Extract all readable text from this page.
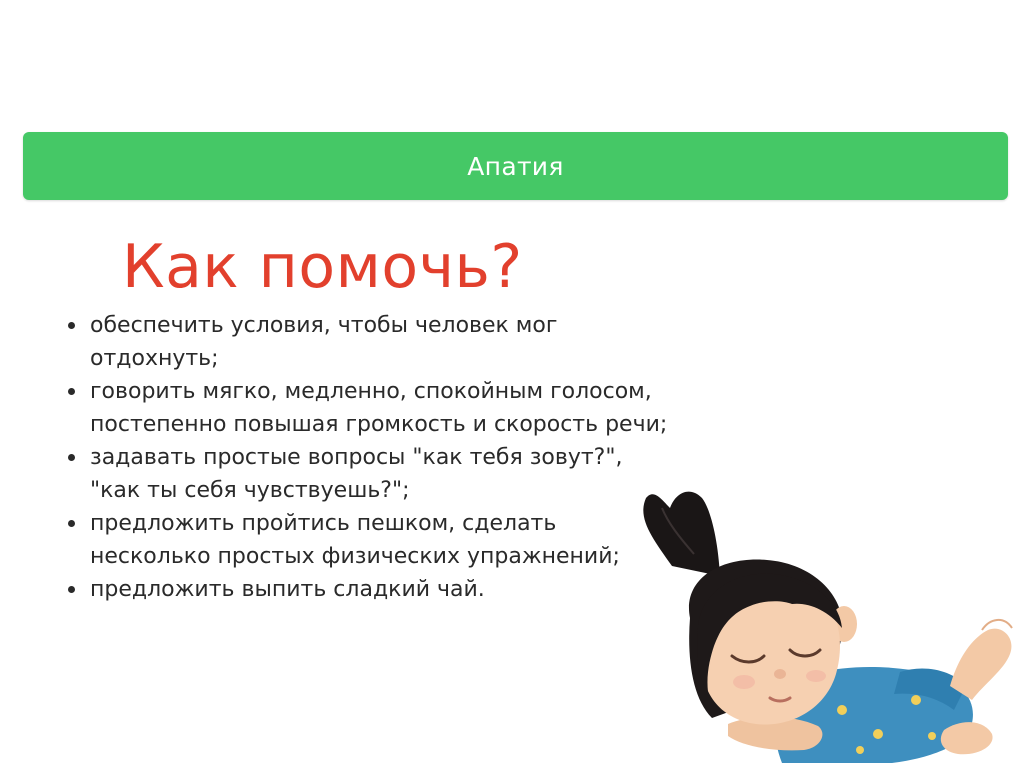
Апатия
Как помочь?
обеспечить условия, чтобы человек мог отдохнуть;
говорить мягко, медленно, спокойным голосом, постепенно повышая громкость и скорость речи;
задавать простые вопросы "как тебя зовут?", "как ты себя чувствуешь?";
предложить пройтись пешком, сделать несколько простых физических упражнений;
предложить выпить сладкий чай.
